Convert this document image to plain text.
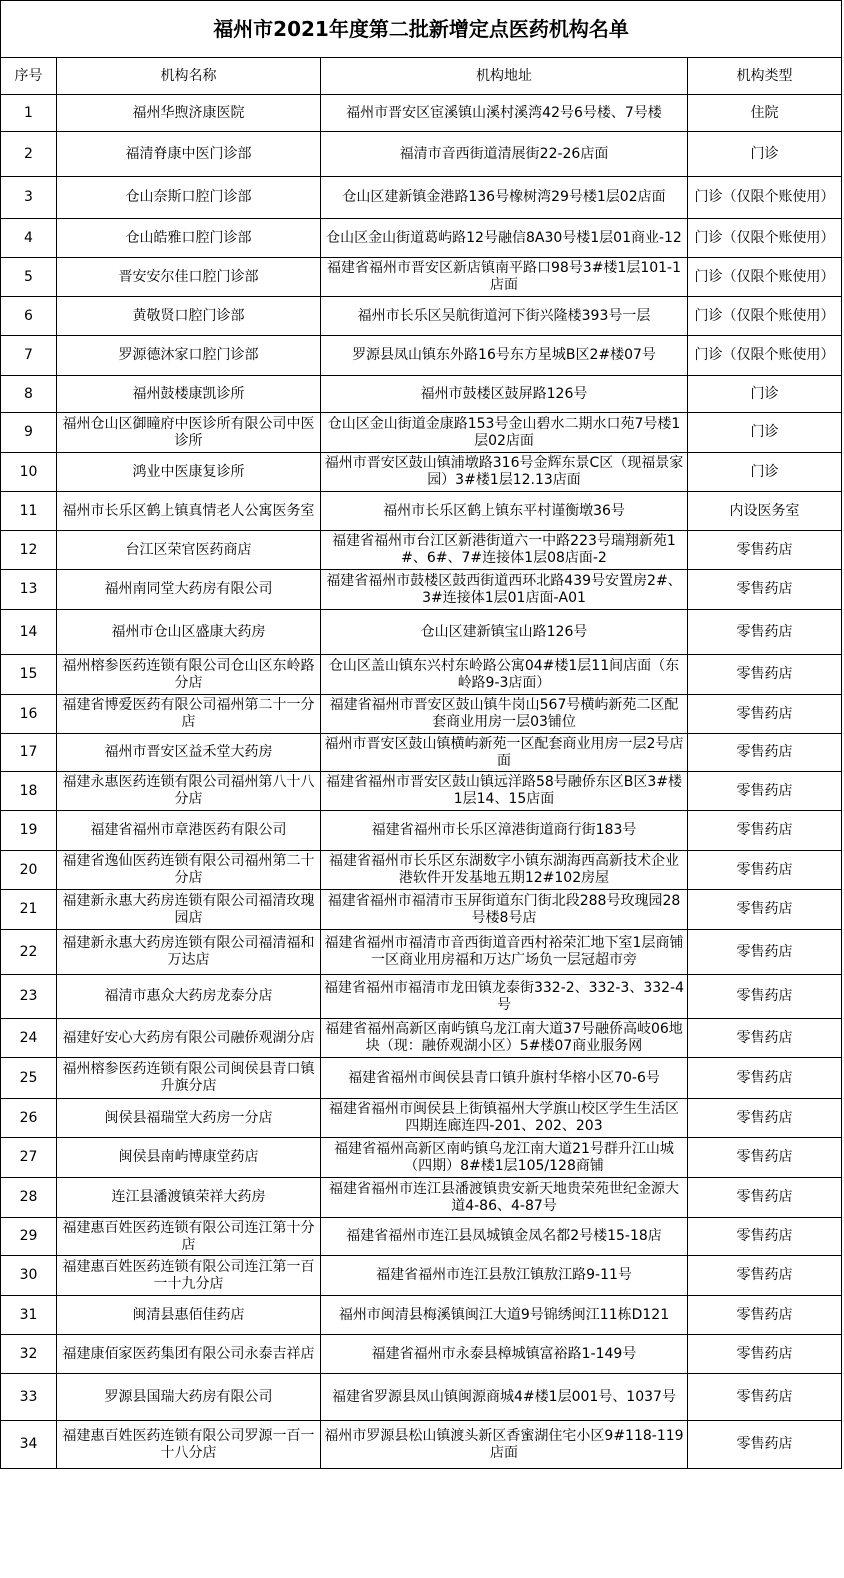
福州市2021年度第二批新增定点医药机构名单			
序号	机构名称	机构地址	机构类型
1	福州华煦济康医院	福州市晋安区宦溪镇山溪村溪湾42号6号楼、7号楼	住院
2	福清脊康中医门诊部	福清市音西街道清展街22-26店面	门诊
3	仓山奈斯口腔门诊部	仓山区建新镇金港路136号橡树湾29号楼1层02店面	门诊（仅限个账使用）
4	仓山皓雅口腔门诊部	仓山区金山街道葛屿路12号融信8A30号楼1层01商业-12	门诊（仅限个账使用）
5	晋安安尔佳口腔门诊部	福建省福州市晋安区新店镇南平路口98号3#楼1层101-1店面	门诊（仅限个账使用）
6	黄敬贤口腔门诊部	福州市长乐区吴航街道河下街兴隆楼393号一层	门诊（仅限个账使用）
7	罗源德沐家口腔门诊部	罗源县凤山镇东外路16号东方星城B区2#楼07号	门诊（仅限个账使用）
8	福州鼓楼康凯诊所	福州市鼓楼区鼓屏路126号	门诊
9	福州仓山区御瞳府中医诊所有限公司中医诊所	仓山区金山街道金康路153号金山碧水二期水口苑7号楼1层02店面	门诊
10	鸿业中医康复诊所	福州市晋安区鼓山镇浦墩路316号金辉东景C区（现福景家园）3#楼1层12.13店面	门诊
11	福州市长乐区鹤上镇真情老人公寓医务室	福州市长乐区鹤上镇东平村谨衡墩36号	内设医务室
12	台江区荣官医药商店	福建省福州市台江区新港街道六一中路223号瑞翔新苑1#、6#、7#连接体1层08店面-2	零售药店
13	福州南同堂大药房有限公司	福建省福州市鼓楼区鼓西街道西环北路439号安置房2#、3#连接体1层01店面-A01	零售药店
14	福州市仓山区盛康大药房	仓山区建新镇宝山路126号	零售药店
15	福州榕参医药连锁有限公司仓山区东岭路分店	仓山区盖山镇东兴村东岭路公寓04#楼1层11间店面（东岭路9-3店面）	零售药店
16	福建省博爱医药有限公司福州第二十一分店	福建省福州市晋安区鼓山镇牛岗山567号横屿新苑二区配套商业用房一层03铺位	零售药店
17	福州市晋安区益禾堂大药房	福州市晋安区鼓山镇横屿新苑一区配套商业用房一层2号店面	零售药店
18	福建永惠医药连锁有限公司福州第八十八分店	福建省福州市晋安区鼓山镇远洋路58号融侨东区B区3#楼1层14、15店面	零售药店
19	福建省福州市章港医药有限公司	福建省福州市长乐区漳港街道商行街183号	零售药店
20	福建省逸仙医药连锁有限公司福州第二十分店	福建省福州市长乐区东湖数字小镇东湖海西高新技术企业港软件开发基地五期12#102房屋	零售药店
21	福建新永惠大药房连锁有限公司福清玫瑰园店	福建省福州市福清市玉屏街道东门街北段288号玫瑰园28号楼8号店	零售药店
22	福建新永惠大药房连锁有限公司福清福和万达店	福建省福州市福清市音西街道音西村裕荣汇地下室1层商铺一区商业用房福和万达广场负一层冠超市旁	零售药店
23	福清市惠众大药房龙泰分店	福建省福州市福清市龙田镇龙泰街332-2、332-3、332-4号	零售药店
24	福建好安心大药房有限公司融侨观湖分店	福建省福州高新区南屿镇乌龙江南大道37号融侨高岐06地块（现：融侨观湖小区）5#楼07商业服务网	零售药店
25	福州榕参医药连锁有限公司闽侯县青口镇升旗分店	福建省福州市闽侯县青口镇升旗村华榕小区70-6号	零售药店
26	闽侯县福瑞堂大药房一分店	福建省福州市闽侯县上街镇福州大学旗山校区学生生活区四期连廊连四-201、202、203	零售药店
27	闽侯县南屿博康堂药店	福建省福州高新区南屿镇乌龙江南大道21号群升江山城（四期）8#楼1层105/128商铺	零售药店
28	连江县潘渡镇荣祥大药房	福建省福州市连江县潘渡镇贵安新天地贵荣苑世纪金源大道4-86、4-87号	零售药店
29	福建惠百姓医药连锁有限公司连江第十分店	福建省福州市连江县凤城镇金凤名都2号楼15-18店	零售药店
30	福建惠百姓医药连锁有限公司连江第一百一十九分店	福建省福州市连江县敖江镇敖江路9-11号	零售药店
31	闽清县惠佰佳药店	福州市闽清县梅溪镇闽江大道9号锦绣闽江11栋D121	零售药店
32	福建康佰家医药集团有限公司永泰吉祥店	福建省福州市永泰县樟城镇富裕路1-149号	零售药店
33	罗源县国瑞大药房有限公司	福建省罗源县凤山镇闽源商城4#楼1层001号、1037号	零售药店
34	福建惠百姓医药连锁有限公司罗源一百一十八分店	福州市罗源县松山镇渡头新区香蜜湖住宅小区9#118-119店面	零售药店
